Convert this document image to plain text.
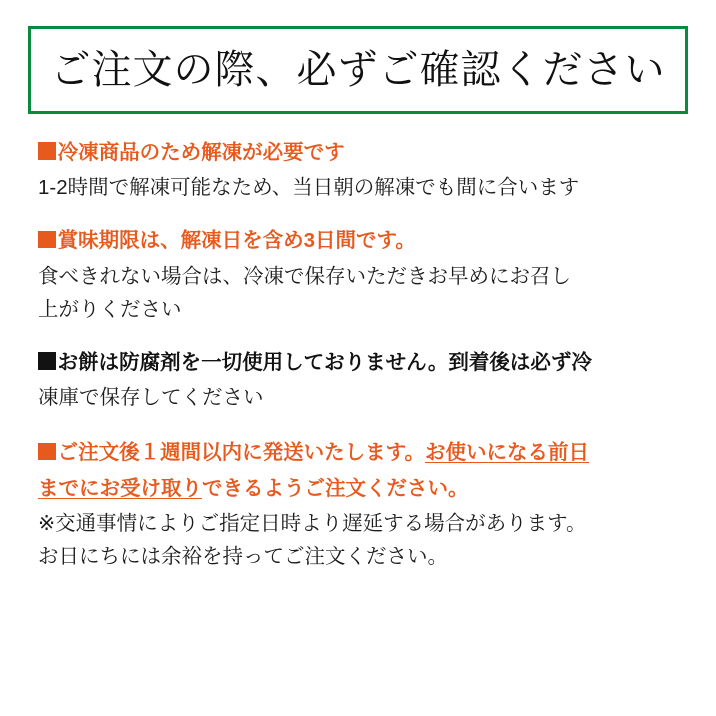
ご注文の際、必ずご確認ください
冷凍商品のため解凍が必要です
1-2時間で解凍可能なため、当日朝の解凍でも間に合います
賞味期限は、解凍日を含め3日間です。
食べきれない場合は、冷凍で保存いただきお早めにお召し
上がりください
お餅は防腐剤を一切使用しておりません。到着後は必ず冷
凍庫で保存してください
ご注文後１週間以内に発送いたします。お使いになる前日
までにお受け取りできるようご注文ください。
※交通事情によりご指定日時より遅延する場合があります。
お日にちには余裕を持ってご注文ください。
